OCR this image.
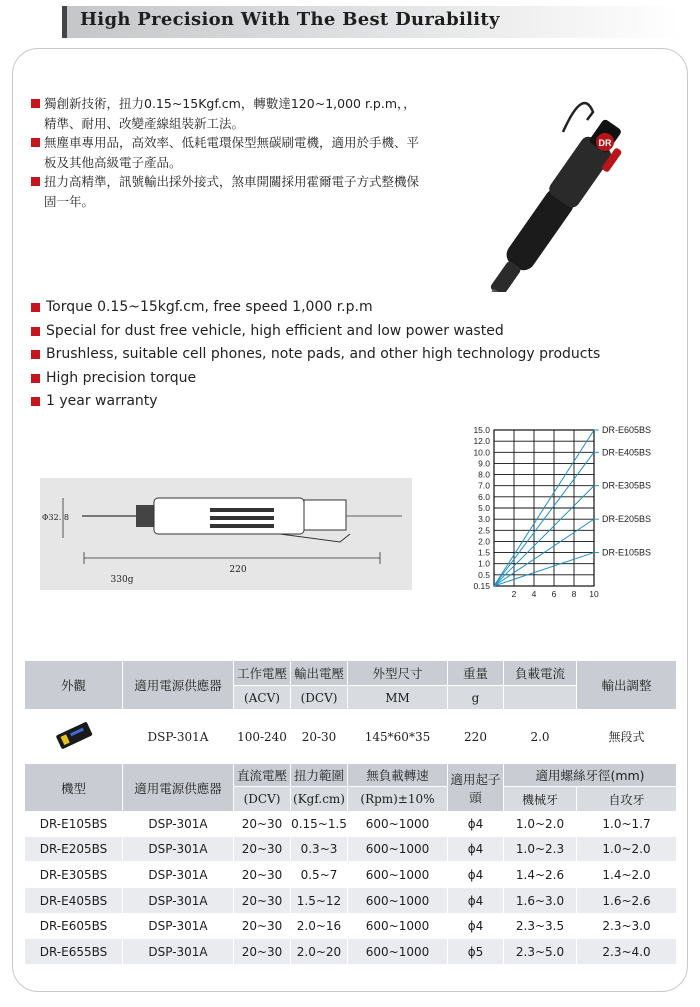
High Precision With The Best Durability
獨創新技術，扭力0.15~15Kgf.cm，轉數達120~1,000 r.p.m，，精準、耐用、改變產線組裝新工法。
無塵車專用品，高效率、低耗電環保型無碳刷電機，適用於手機、平板及其他高級電子產品。
扭力高精準，訊號輸出採外接式，煞車開關採用霍爾電子方式整機保固一年。
DR
Torque 0.15~15kgf.cm, free speed 1,000 r.p.m
Special for dust free vehicle, high efficient and low power wasted
Brushless, suitable cell phones, note pads, and other high technology products
High precision torque
1 year warranty
Φ32. 8
220
330g
15.0
12.0
10.0
9.0
8.0
7.0
6.0
5.0
3.0
2.5
2.0
1.5
1.0
0.5
0.15
2 4 6 8 10
DR-E605BS
DR-E405BS
DR-E305BS
DR-E205BS
DR-E105BS
外觀	適用電源供應器	工作電壓	輸出電壓	外型尺寸	重量	負載電流	輸出調整
		(ACV)	(DCV)	MM	g		
	DSP-301A	100-240	20-30	145*60*35	220	2.0	無段式
機型	適用電源供應器	直流電壓	扭力範圍	無負載轉速	適用起子頭	適用螺絲牙徑(mm)	
		(DCV)	(Kgf.cm)	(Rpm)±10%		機械牙	自攻牙
DR-E105BS	DSP-301A	20~30	0.15~1.5	600~1000	ϕ4	1.0~2.0	1.0~1.7
DR-E205BS	DSP-301A	20~30	0.3~3	600~1000	ϕ4	1.0~2.3	1.0~2.0
DR-E305BS	DSP-301A	20~30	0.5~7	600~1000	ϕ4	1.4~2.6	1.4~2.0
DR-E405BS	DSP-301A	20~30	1.5~12	600~1000	ϕ4	1.6~3.0	1.6~2.6
DR-E605BS	DSP-301A	20~30	2.0~16	600~1000	ϕ4	2.3~3.5	2.3~3.0
DR-E655BS	DSP-301A	20~30	2.0~20	600~1000	ϕ5	2.3~5.0	2.3~4.0
